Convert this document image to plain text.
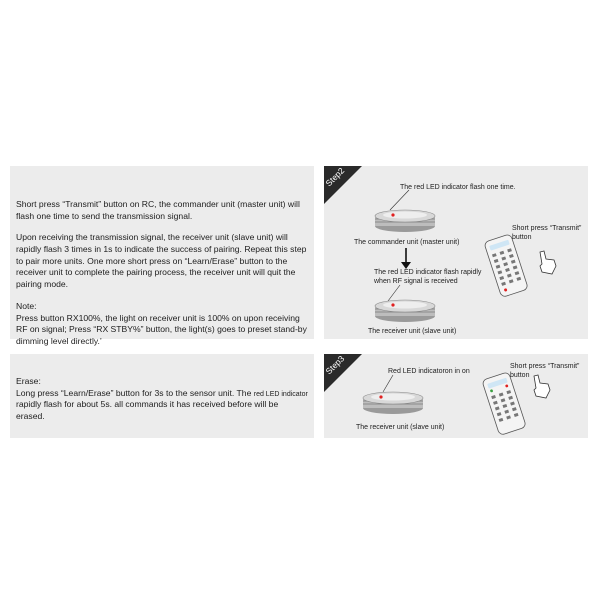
Short press “Transmit” button on RC, the commander unit (master unit) will flash one time to send the transmission signal.

Upon receiving the transmission signal, the receiver unit (slave unit) will rapidly flash 3 times in 1s to indicate the success of pairing. Repeat this step to pair more units. One more short press on “Learn/Erase” button to the receiver unit to complete the pairing process, the receiver unit will quit the pairing mode.

Note:

Press button RX100%, the light on receiver unit is 100% on upon receiving RF on signal; Press “RX STBY%” button, the light(s) goes to preset stand-by dimming level directly.’

Erase:

Long press “Learn/Erase” button for 3s to the sensor unit. The red LED indicator rapidly flash for about 5s. all commands it has received before will be erased.

Step2	The red LED indicator flash one time.
The commander unit (master unit)
Short press “Transmit”
button
The red LED indicator flash rapidly
when RF signal is received
The receiver unit (slave unit)
Step3	Red LED indicatoron in on
The receiver unit (slave unit)
Short press “Transmit”
button
